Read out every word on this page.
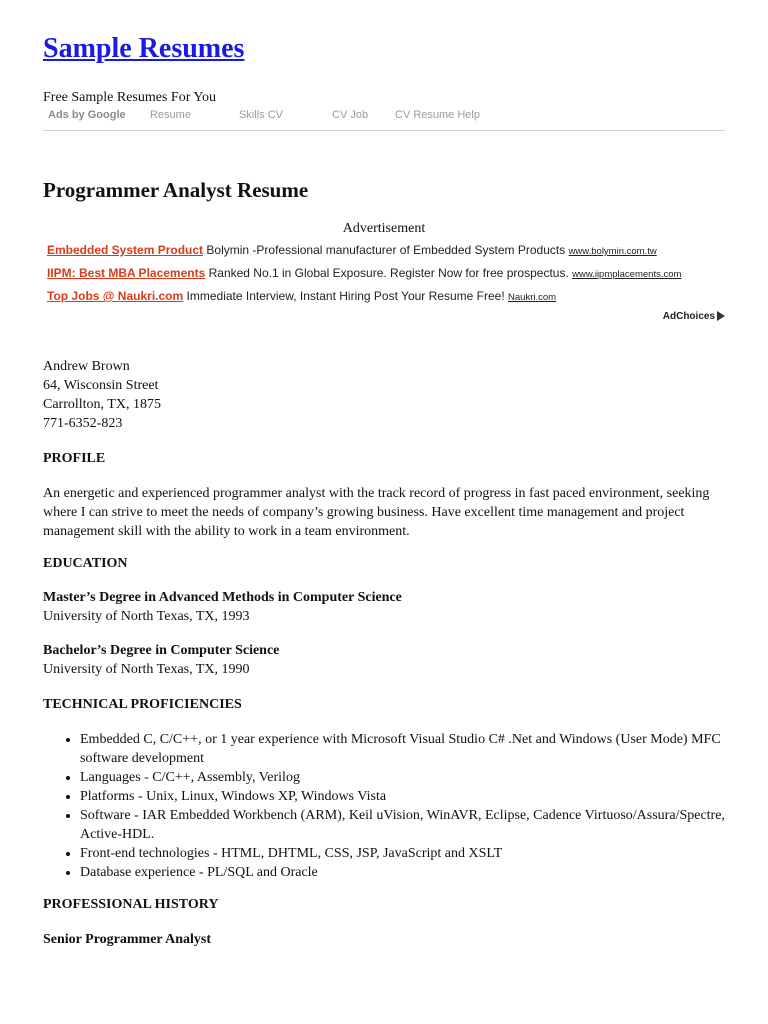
Sample Resumes
Free Sample Resumes For You
Ads by Google Resume	Skills CV	CV Job CV Resume Help
Programmer Analyst Resume
Advertisement
Embedded System Product Bolymin -Professional manufacturer of Embedded System Products www.bolymin.com.tw
IIPM: Best MBA Placements Ranked No.1 in Global Exposure. Register Now for free prospectus. www.iipmplacements.com
Top Jobs @ Naukri.com Immediate Interview, Instant Hiring Post Your Resume Free! Naukri.com
AdChoices
Andrew Brown
64, Wisconsin Street
Carrollton, TX, 1875
771-6352-823
PROFILE
An energetic and experienced programmer analyst with the track record of progress in fast paced environment, seeking where I can strive to meet the needs of company’s growing business. Have excellent time management and project management skill with the ability to work in a team environment.
EDUCATION
Master’s Degree in Advanced Methods in Computer Science
University of North Texas, TX, 1993
Bachelor’s Degree in Computer Science
University of North Texas, TX, 1990
TECHNICAL PROFICIENCIES
• Embedded C, C/C++, or 1 year experience with Microsoft Visual Studio C# .Net and Windows (User Mode) MFC software development
• Languages - C/C++, Assembly, Verilog
• Platforms - Unix, Linux, Windows XP, Windows Vista
• Software - IAR Embedded Workbench (ARM), Keil uVision, WinAVR, Eclipse, Cadence Virtuoso/Assura/Spectre, Active-HDL.
• Front-end technologies - HTML, DHTML, CSS, JSP, JavaScript and XSLT
• Database experience - PL/SQL and Oracle
PROFESSIONAL HISTORY
Senior Programmer Analyst
